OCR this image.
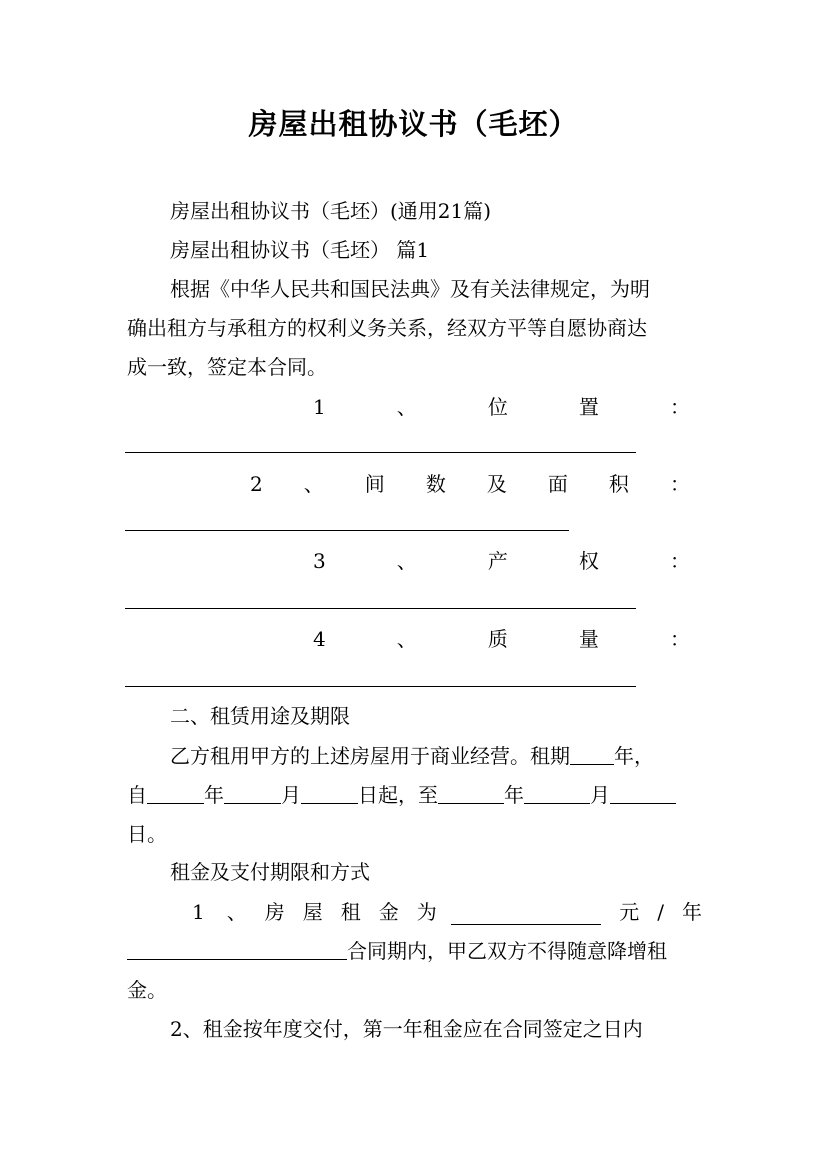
房屋出租协议书（毛坯）
房屋出租协议书（毛坯）(通用21篇)
房屋出租协议书（毛坯） 篇1
根据《中华人民共和国民法典》及有关法律规定，为明
确出租方与承租方的权利义务关系，经双方平等自愿协商达
成一致，签定本合同。
1	、	位	置	：
2 、 间 数 及 面 积 ：
3	、	产	权	：
4	、	质	量	：
二、租赁用途及期限
乙方租用甲方的上述房屋用于商业经营。租期 年，
自	年	月	日起，至	年	月
日。
租金及支付期限和方式
1 、 房 屋 租 金 为	元 / 年
合同期内，甲乙双方不得随意降增租
金。
2、租金按年度交付，第一年租金应在合同签定之日内
